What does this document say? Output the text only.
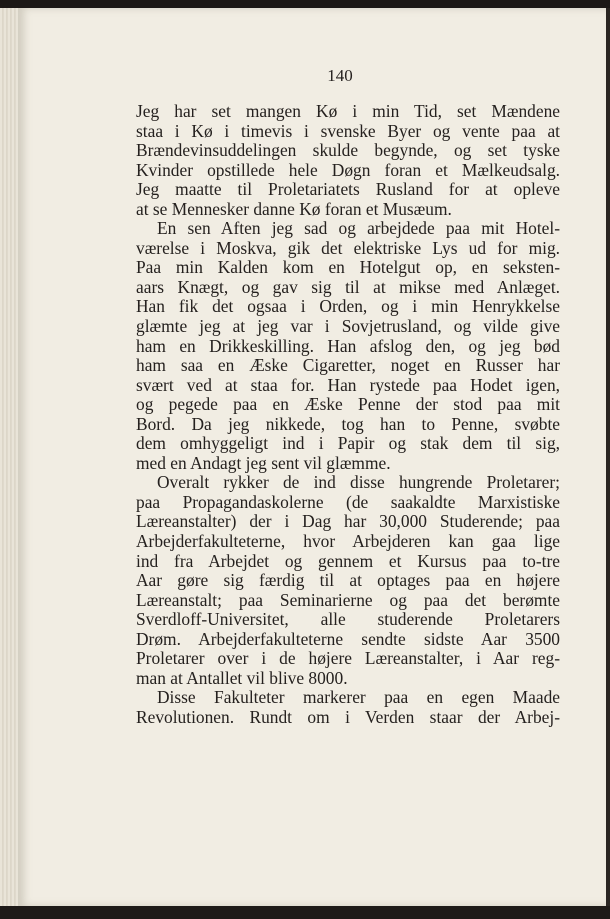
140

Jeg har set mangen Kø i min Tid, set Mændene
staa i Kø i timevis i svenske Byer og vente paa at
Brændevinsuddelingen skulde begynde, og set tyske
Kvinder opstillede hele Døgn foran et Mælkeudsalg.
Jeg maatte til Proletariatets Rusland for at opleve
at se Mennesker danne Kø foran et Musæum.
En sen Aften jeg sad og arbejdede paa mit Hotel-
værelse i Moskva, gik det elektriske Lys ud for mig.
Paa min Kalden kom en Hotelgut op, en seksten-
aars Knægt, og gav sig til at mikse med Anlæget.
Han fik det ogsaa i Orden, og i min Henrykkelse
glæmte jeg at jeg var i Sovjetrusland, og vilde give
ham en Drikkeskilling. Han afslog den, og jeg bød
ham saa en Æske Cigaretter, noget en Russer har
svært ved at staa for. Han rystede paa Hodet igen,
og pegede paa en Æske Penne der stod paa mit
Bord. Da jeg nikkede, tog han to Penne, svøbte
dem omhyggeligt ind i Papir og stak dem til sig,
med en Andagt jeg sent vil glæmme.
Overalt rykker de ind disse hungrende Proletarer;
paa Propagandaskolerne (de saakaldte Marxistiske
Læreanstalter) der i Dag har 30,000 Studerende; paa
Arbejderfakulteterne, hvor Arbejderen kan gaa lige
ind fra Arbejdet og gennem et Kursus paa to-tre
Aar gøre sig færdig til at optages paa en højere
Læreanstalt; paa Seminarierne og paa det berømte
Sverdloff-Universitet, alle studerende Proletarers
Drøm. Arbejderfakulteterne sendte sidste Aar 3500
Proletarer over i de højere Læreanstalter, i Aar reg-
man at Antallet vil blive 8000.
Disse Fakulteter markerer paa en egen Maade
Revolutionen. Rundt om i Verden staar der Arbej-
